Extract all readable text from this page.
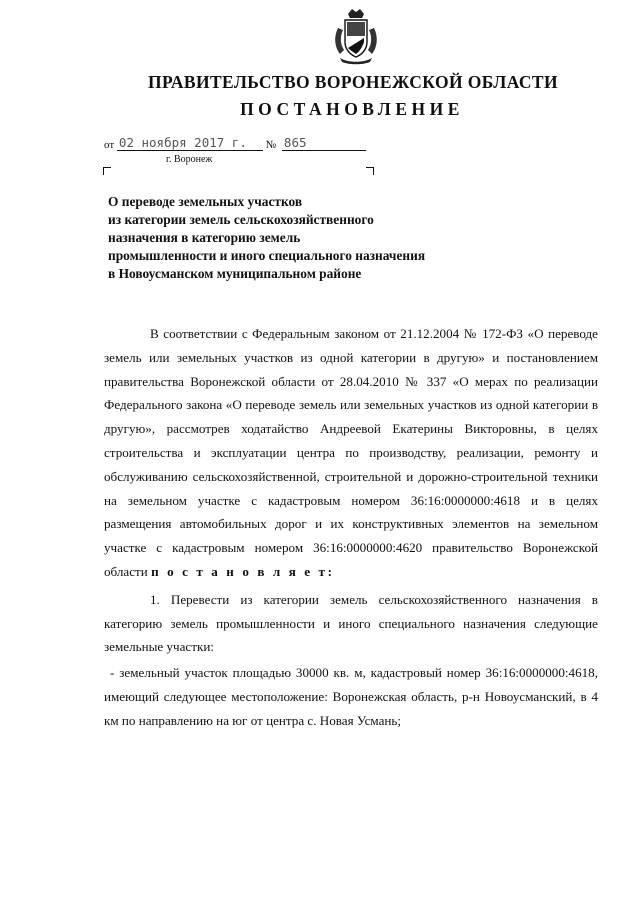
ПРАВИТЕЛЬСТВО ВОРОНЕЖСКОЙ ОБЛАСТИ
ПОСТАНОВЛЕНИЕ
от 02 ноября 2017 г. № 865
г. Воронеж
О переводе земельных участков
из категории земель сельскохозяйственного
назначения в категорию земель
промышленности и иного специального назначения
в Новоусманском муниципальном районе

В соответствии с Федеральным законом от 21.12.2004 № 172-ФЗ «О переводе земель или земельных участков из одной категории в другую» и постановлением правительства Воронежской области от 28.04.2010 № 337 «О мерах по реализации Федерального закона «О переводе земель или земельных участков из одной категории в другую», рассмотрев ходатайство Андреевой Екатерины Викторовны, в целях строительства и эксплуатации центра по производству, реализации, ремонту и обслуживанию сельскохозяйственной, строительной и дорожно-строительной техники на земельном участке с кадастровым номером 36:16:0000000:4618 и в целях размещения автомобильных дорог и их конструктивных элементов на земельном участке с кадастровым номером 36:16:0000000:4620 правительство Воронежской области п о с т а н о в л я е т:

1. Перевести из категории земель сельскохозяйственного назначения в категорию земель промышленности и иного специального назначения следующие земельные участки:

- земельный участок площадью 30000 кв. м, кадастровый номер 36:16:0000000:4618, имеющий следующее местоположение: Воронежская область, р-н Новоусманский, в 4 км по направлению на юг от центра с. Новая Усмань;
